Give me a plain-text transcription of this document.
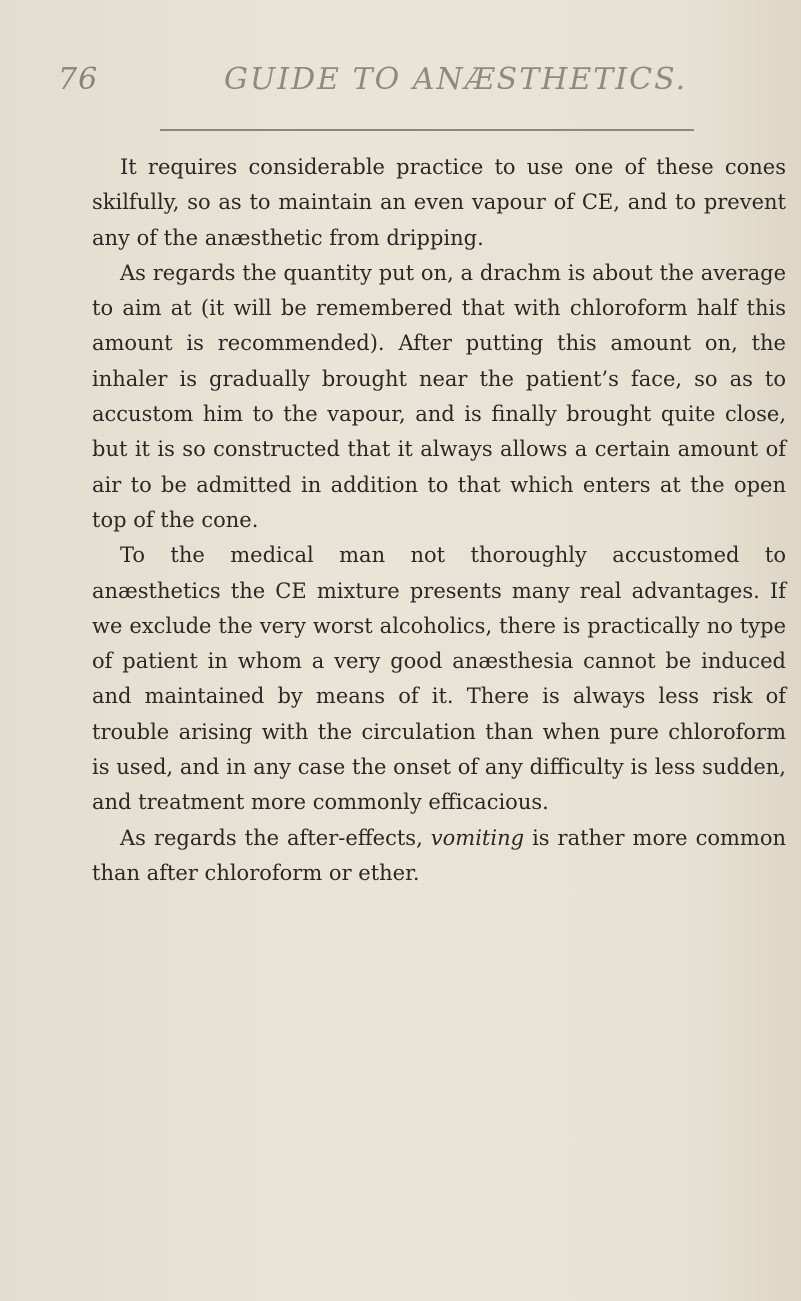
76	GUIDE TO ANÆSTHETICS.

It requires considerable practice to use one of these cones skilfully, so as to maintain an even vapour of CE, and to prevent any of the anæsthetic from dripping.

As regards the quantity put on, a drachm is about the average to aim at (it will be remembered that with chloroform half this amount is recommended). After putting this amount on, the inhaler is gradually brought near the patient’s face, so as to accustom him to the vapour, and is finally brought quite close, but it is so constructed that it always allows a certain amount of air to be admitted in addition to that which enters at the open top of the cone.

To the medical man not thoroughly accustomed to anæsthetics the CE mixture presents many real advantages. If we exclude the very worst alcoholics, there is practically no type of patient in whom a very good anæsthesia cannot be induced and maintained by means of it. There is always less risk of trouble arising with the circulation than when pure chloroform is used, and in any case the onset of any difficulty is less sudden, and treatment more commonly efficacious.

As regards the after-effects, vomiting is rather more common than after chloroform or ether.
